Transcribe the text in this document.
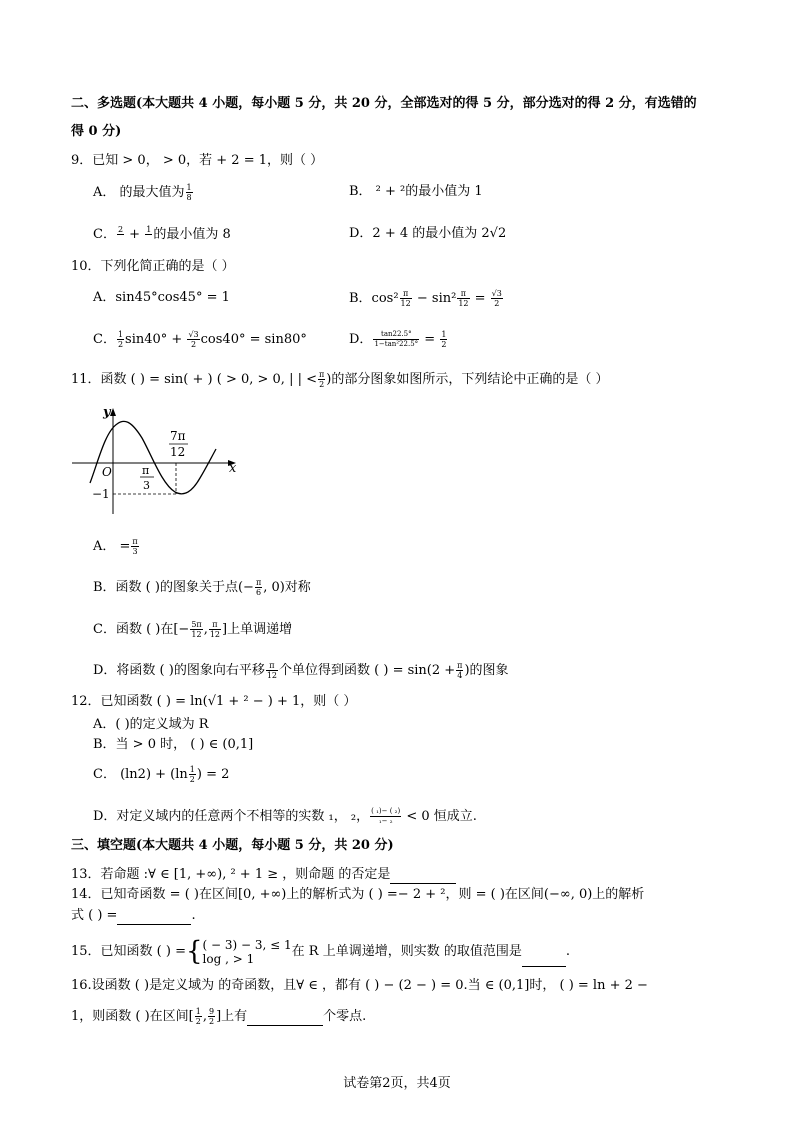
二、多选题(本大题共 4 小题，每小题 5 分，共 20 分，全部选对的得 5 分，部分选对的得 2 分，有选错的
得 0 分)
9．已知 > 0， > 0，若 + 2 = 1，则（ ）
A． 的最大值为 $\frac{1}{8}$	B． ² + ²的最小值为 1
C． 2
+ 1
的最小值为 8	D．2 + 4 的最小值为 2√2
10．下列化简正确的是（ ）
A．sin45°cos45° = 1	B．$\cos^2 \frac{\pi}{12} - \sin^2 \frac{\pi}{12} = \frac{√3}{2}$
C． $\frac{1}{2} \sin 40^\circ + \frac{√3}{2} \cos 40^\circ = \sin 80^\circ$	D． $\frac{\tan 22.5^\circ}{\text{1−tan²22.5°}} = \frac{1}{2}$
11．函数 ( ) = sin( + ) ( > 0, > 0, | | < $\frac{\pi}{2}$ )的部分图象如图所示，下列结论中正确的是（ ）
y
x
O	π
3
7π
12
−1
A． = $\frac{\pi}{3}$
B．函数 ( )的图象关于点(− $\frac{\pi}{6}$ , 0)对称
C．函数 ( )在[− $\frac{5\pi}{12}$ , $\frac{\pi}{12}$ ]上单调递增
D．将函数 ( )的图象向右平移 $\frac{\pi}{12}$ 个单位得到函数 ( ) = $\sin(2 + \frac{\pi}{4}$ )的图象
12．已知函数 ( ) = ln(√1 + ² − ) + 1，则（ ）
A．( )的定义域为 R
B．当 > 0 时， ( ) ∈ (0,1]
C． $(\ln 2) + (\ln \frac{1}{2}$ ) = 2
D．对定义域内的任意两个不相等的实数 ₁， ₂， $\frac{\text{( ₁)− ( ₂)}}{\text{₁− ₂}} < 0$ 恒成立.
三、填空题(本大题共 4 小题，每小题 5 分，共 20 分)
13．若命题 :∀ ∈ [1, +∞), ² + 1 ≥ ，则命题 的否定是
14．已知奇函数 = ( )在区间[0, +∞)上的解析式为 ( ) =− 2 + ²，则 = ( )在区间(−∞, 0)上的解析
式 ( ) =	.
15．已知函数 ( ) ={ ( − 3) − 3, ≤ 1
log , > 1	在 R 上单调递增，则实数 的取值范围是	.
16.设函数 ( )是定义域为 的奇函数，且∀ ∈ ，都有 ( ) − (2 − ) = 0.当 ∈ (0,1]时， ( ) = ln + 2 −
1，则函数 ( )在区间[ $\frac{1}{2}$ , $\frac{9}{2}$ ]上有	个零点.
试卷第2页，共4页
